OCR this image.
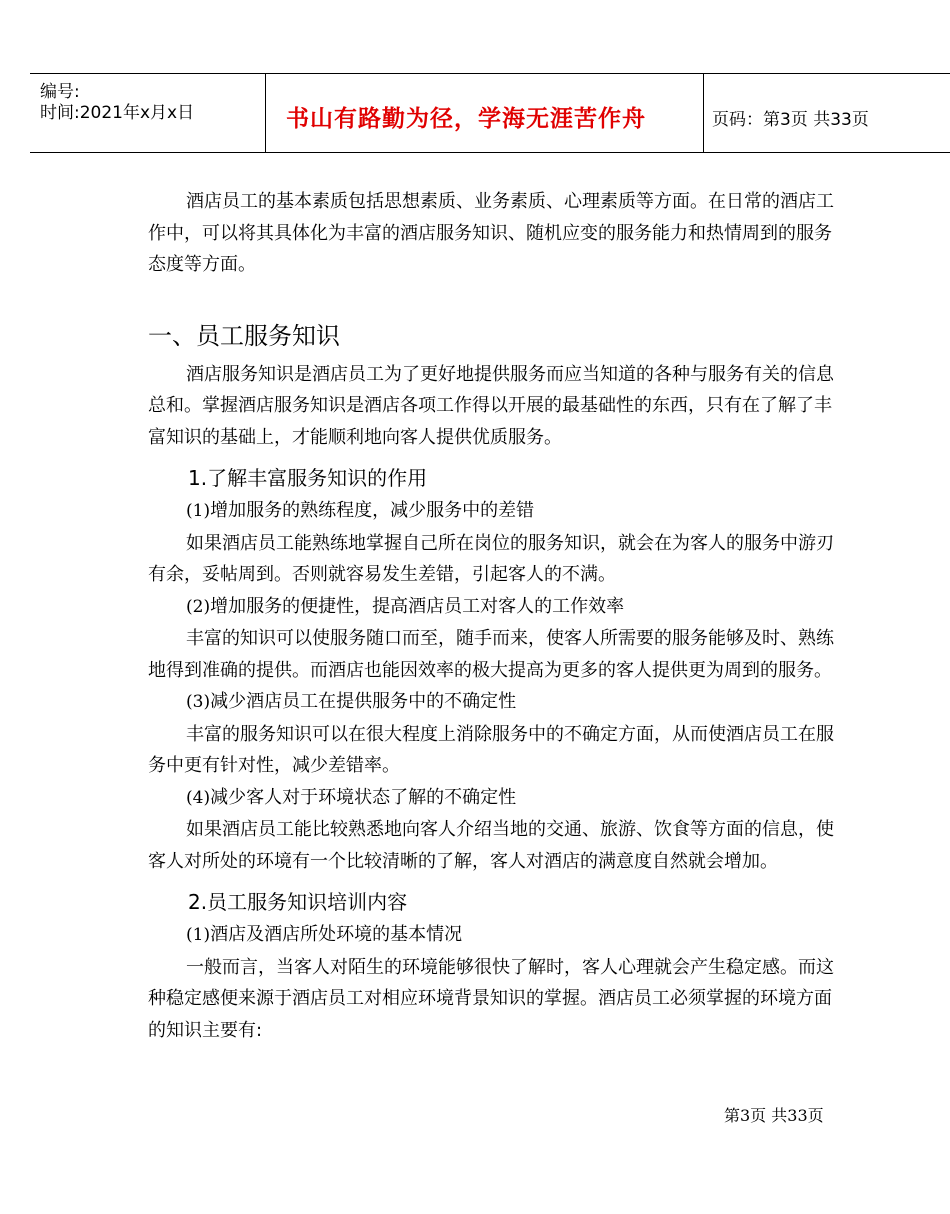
编号:
时间:2021年x月x日	书山有路勤为径，学海无涯苦作舟	页码：第3页 共33页

酒店员工的基本素质包括思想素质、业务素质、心理素质等方面。在日常的酒店工作中，可以将其具体化为丰富的酒店服务知识、随机应变的服务能力和热情周到的服务态度等方面。

一、员工服务知识

酒店服务知识是酒店员工为了更好地提供服务而应当知道的各种与服务有关的信息总和。掌握酒店服务知识是酒店各项工作得以开展的最基础性的东西，只有在了解了丰富知识的基础上，才能顺利地向客人提供优质服务。

1.了解丰富服务知识的作用

(1)增加服务的熟练程度，减少服务中的差错

如果酒店员工能熟练地掌握自己所在岗位的服务知识，就会在为客人的服务中游刃有余，妥帖周到。否则就容易发生差错，引起客人的不满。

(2)增加服务的便捷性，提高酒店员工对客人的工作效率

丰富的知识可以使服务随口而至，随手而来，使客人所需要的服务能够及时、熟练地得到准确的提供。而酒店也能因效率的极大提高为更多的客人提供更为周到的服务。

(3)减少酒店员工在提供服务中的不确定性

丰富的服务知识可以在很大程度上消除服务中的不确定方面，从而使酒店员工在服务中更有针对性，减少差错率。

(4)减少客人对于环境状态了解的不确定性

如果酒店员工能比较熟悉地向客人介绍当地的交通、旅游、饮食等方面的信息，使客人对所处的环境有一个比较清晰的了解，客人对酒店的满意度自然就会增加。

2.员工服务知识培训内容

(1)酒店及酒店所处环境的基本情况

一般而言，当客人对陌生的环境能够很快了解时，客人心理就会产生稳定感。而这种稳定感便来源于酒店员工对相应环境背景知识的掌握。酒店员工必须掌握的环境方面的知识主要有:

第3页 共33页
